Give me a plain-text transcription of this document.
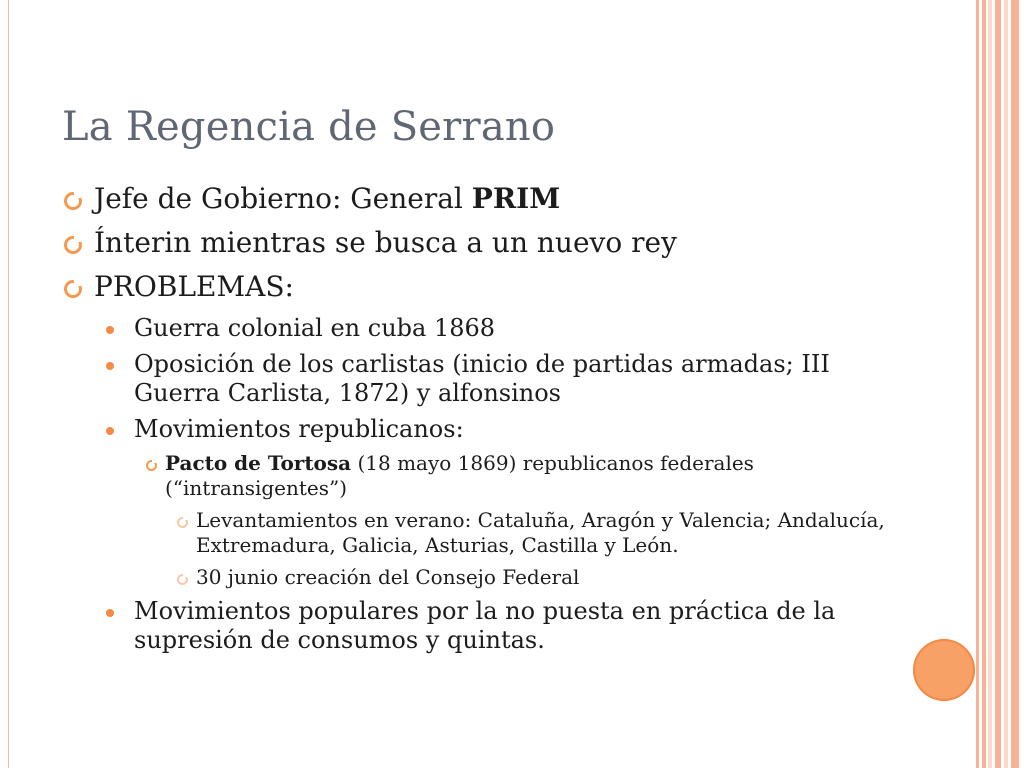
La Regencia de Serrano
Jefe de Gobierno: General PRIM
Ínterin mientras se busca a un nuevo rey
PROBLEMAS:
Guerra colonial en cuba 1868
Oposición de los carlistas (inicio de partidas armadas; III Guerra Carlista, 1872) y alfonsinos
Movimientos republicanos:
Pacto de Tortosa (18 mayo 1869) republicanos federales (“intransigentes”)
Levantamientos en verano: Cataluña, Aragón y Valencia; Andalucía, Extremadura, Galicia, Asturias, Castilla y León.
30 junio creación del Consejo Federal
Movimientos populares por la no puesta en práctica de la supresión de consumos y quintas.
